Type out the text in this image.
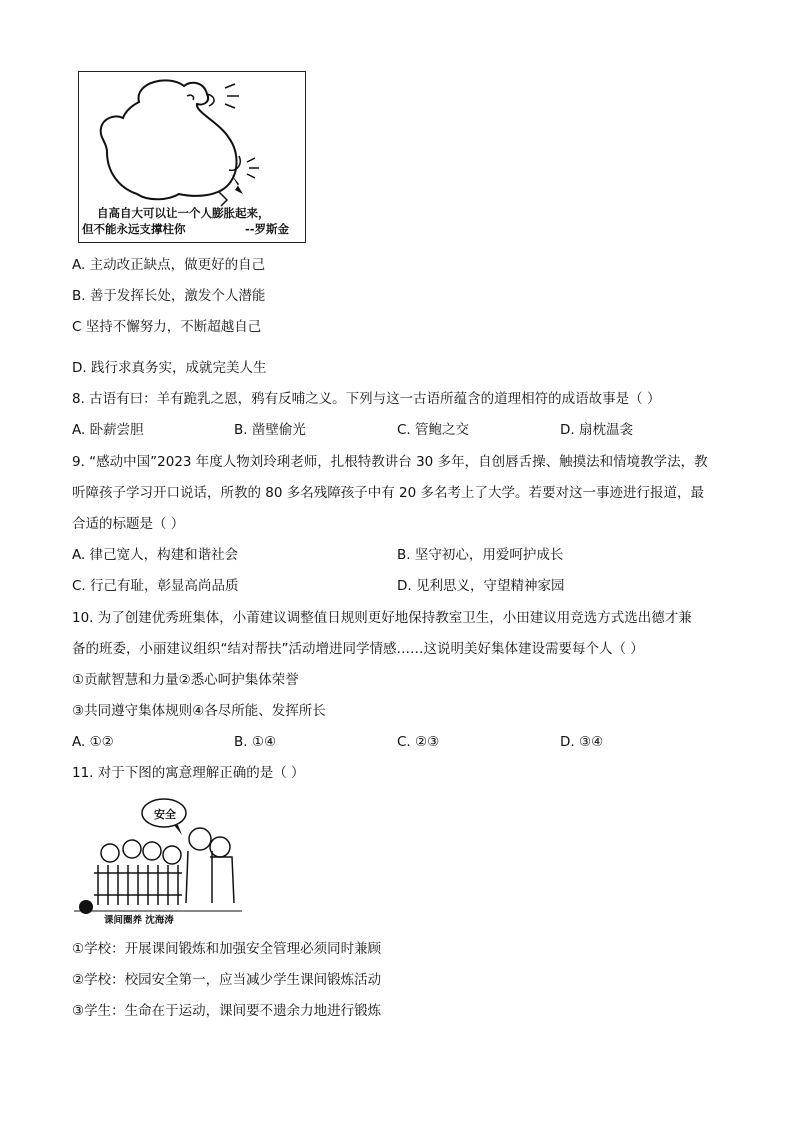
自高自大可以让一个人膨胀起来，
但不能永远支撑柱你	--罗斯金
A. 主动改正缺点，做更好的自己
B. 善于发挥长处，激发个人潜能
C 坚持不懈努力，不断超越自己
D. 践行求真务实，成就完美人生
8. 古语有曰：羊有跪乳之恩，鸦有反哺之义。下列与这一古语所蕴含的道理相符的成语故事是（ ）
A. 卧薪尝胆	B. 凿壁偷光	C. 管鲍之交	D. 扇枕温衾
9. “感动中国”2023 年度人物刘玲琍老师，扎根特教讲台 30 多年，自创唇舌操、触摸法和情境教学法，教
听障孩子学习开口说话，所教的 80 多名残障孩子中有 20 多名考上了大学。若要对这一事迹进行报道，最
合适的标题是（ ）
A. 律己宽人，构建和谐社会	B. 坚守初心，用爱呵护成长
C. 行己有耻，彰显高尚品质	D. 见利思义，守望精神家园
10. 为了创建优秀班集体，小莆建议调整值日规则更好地保持教室卫生，小田建议用竞选方式选出德才兼
备的班委，小丽建议组织“结对帮扶”活动增进同学情感……这说明美好集体建设需要每个人（ ）
①贡献智慧和力量②悉心呵护集体荣誉
③共同遵守集体规则④各尽所能、发挥所长
A. ①②	B. ①④	C. ②③	D. ③④
11. 对于下图的寓意理解正确的是（ ）
安全
课间圈养 沈海涛
①学校：开展课间锻炼和加强安全管理必须同时兼顾
②学校：校园安全第一，应当减少学生课间锻炼活动
③学生：生命在于运动，课间要不遗余力地进行锻炼
